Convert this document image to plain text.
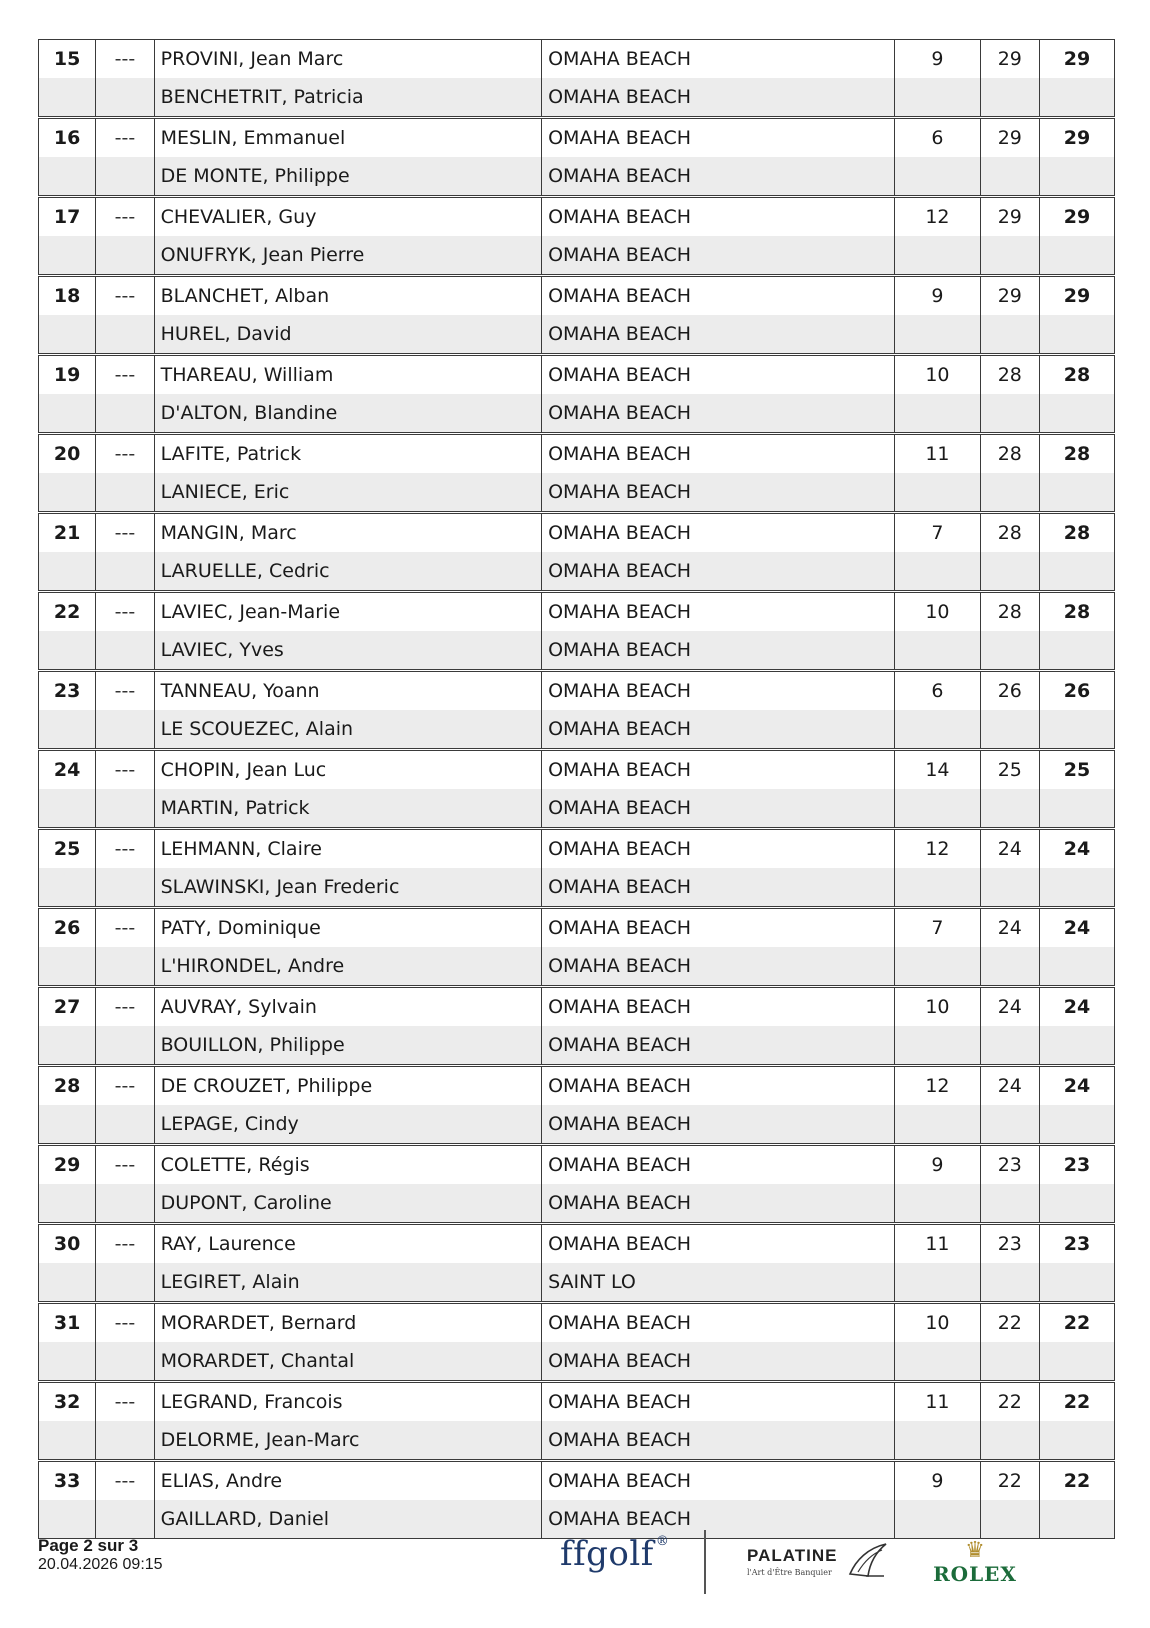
15	---	PROVINI, Jean Marc	OMAHA BEACH	9	29	29
		BENCHETRIT, Patricia	OMAHA BEACH			
16	---	MESLIN, Emmanuel	OMAHA BEACH	6	29	29
		DE MONTE, Philippe	OMAHA BEACH			
17	---	CHEVALIER, Guy	OMAHA BEACH	12	29	29
		ONUFRYK, Jean Pierre	OMAHA BEACH			
18	---	BLANCHET, Alban	OMAHA BEACH	9	29	29
		HUREL, David	OMAHA BEACH			
19	---	THAREAU, William	OMAHA BEACH	10	28	28
		D'ALTON, Blandine	OMAHA BEACH			
20	---	LAFITE, Patrick	OMAHA BEACH	11	28	28
		LANIECE, Eric	OMAHA BEACH			
21	---	MANGIN, Marc	OMAHA BEACH	7	28	28
		LARUELLE, Cedric	OMAHA BEACH			
22	---	LAVIEC, Jean-Marie	OMAHA BEACH	10	28	28
		LAVIEC, Yves	OMAHA BEACH			
23	---	TANNEAU, Yoann	OMAHA BEACH	6	26	26
		LE SCOUEZEC, Alain	OMAHA BEACH			
24	---	CHOPIN, Jean Luc	OMAHA BEACH	14	25	25
		MARTIN, Patrick	OMAHA BEACH			
25	---	LEHMANN, Claire	OMAHA BEACH	12	24	24
		SLAWINSKI, Jean Frederic	OMAHA BEACH			
26	---	PATY, Dominique	OMAHA BEACH	7	24	24
		L'HIRONDEL, Andre	OMAHA BEACH			
27	---	AUVRAY, Sylvain	OMAHA BEACH	10	24	24
		BOUILLON, Philippe	OMAHA BEACH			
28	---	DE CROUZET, Philippe	OMAHA BEACH	12	24	24
		LEPAGE, Cindy	OMAHA BEACH			
29	---	COLETTE, Régis	OMAHA BEACH	9	23	23
		DUPONT, Caroline	OMAHA BEACH			
30	---	RAY, Laurence	OMAHA BEACH	11	23	23
		LEGIRET, Alain	SAINT LO			
31	---	MORARDET, Bernard	OMAHA BEACH	10	22	22
		MORARDET, Chantal	OMAHA BEACH			
32	---	LEGRAND, Francois	OMAHA BEACH	11	22	22
		DELORME, Jean-Marc	OMAHA BEACH			
33	---	ELIAS, Andre	OMAHA BEACH	9	22	22
		GAILLARD, Daniel	OMAHA BEACH			
Page 2 sur 3
20.04.2026 09:15	ffgolf ®
PALATINE
l'Art d'Être Banquier
♛
ROLEX
